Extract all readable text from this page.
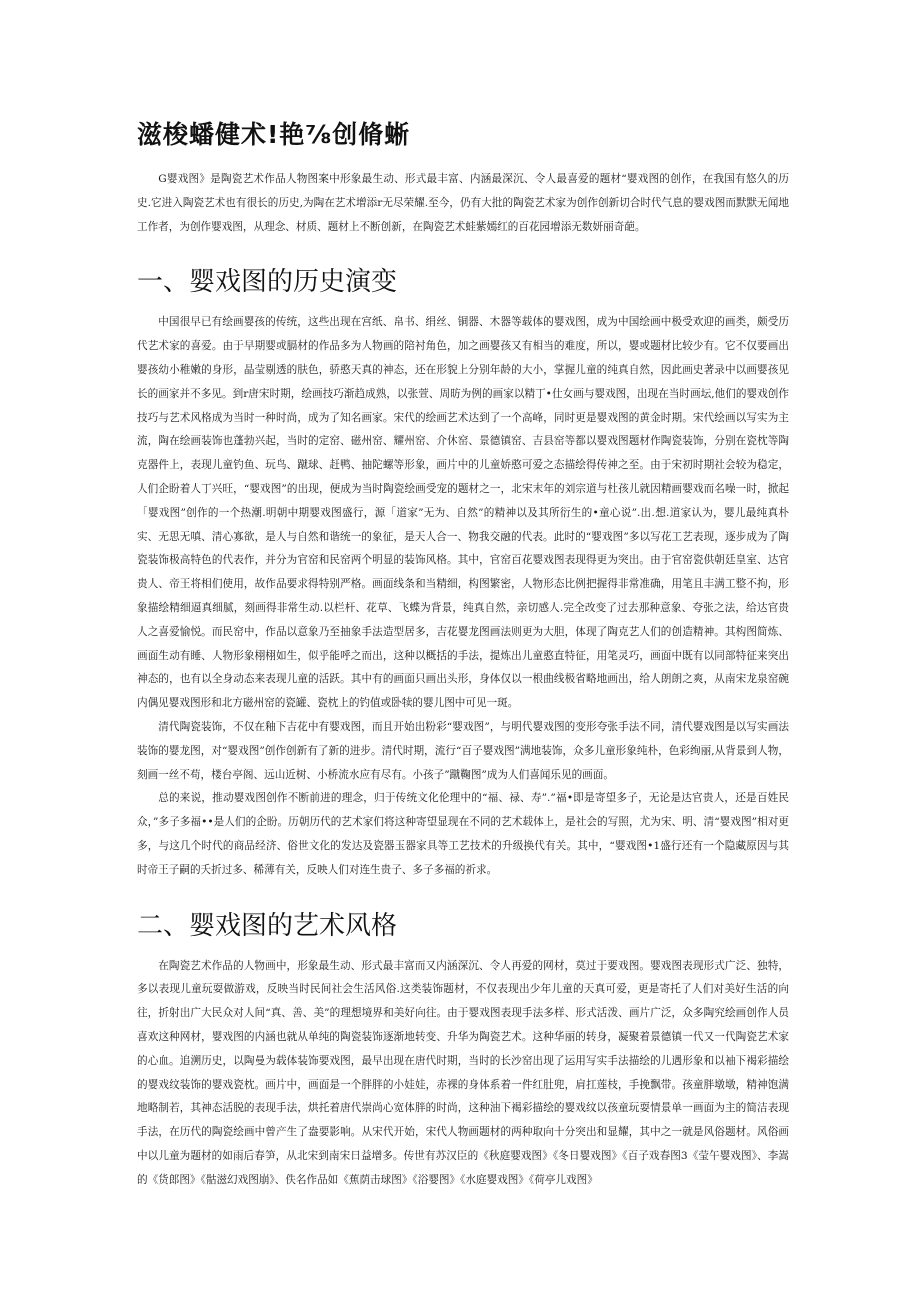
滋梭蟠健术!艳⅞创脩蜥

G婴戏图》是陶瓷艺术作品人物图案中形象最生动、形式最丰富、内涵最深沉、令人最喜爱的题材“婴戏图的创作，在我国有悠久的历史.它进入陶瓷艺术也有很长的历史,为陶在艺术增添r无尽荣耀.至今，仍有大批的陶瓷艺术家为创作创新切合时代气息的婴戏图而默默无闻地工作者，为创作婴戏图，从理念、材质、题材上不断创新，在陶瓷艺术蛙紫嫣红的百花园增添无数妍丽奇葩。

一、婴戏图的历史演变

中国很早已有绘画婴孩的传统，这些出现在宫纸、帛书、绢丝、铜器、木器等载体的婴戏图，成为中国绘画中极受欢迎的画类，颇受历代艺术家的喜爱。由于早期婴或膈材的作品多为人物画的陪衬角色，加之画婴孩又有相当的难度，所以，婴或题材比较少有。它不仅要画出婴孩幼小稚嫩的身形，晶莹剔透的肤色，骄憨天真的神态，还在形貌上分别年龄的大小，掌握儿童的纯真自然，因此画史著录中以画婴孩见长的画家并不多见。到r唐宋时期，绘画技巧渐趋成熟，以张萱、周昉为例的画家以精丁•仕女画与婴戏图，出现在当时画坛,他们的婴戏创作技巧与艺术风格成为当时一种时尚，成为了知名画家。宋代的绘画艺术达到了一个高峰，同时更是婴戏图的黄金时期。宋代绘画以写实为主流，陶在绘画装饰也蓬勃兴起，当时的定窑、磁州窑、耀州窑、介休窑、景德镇窑、吉县窑等都以婴戏图题材作陶瓷装饰，分别在瓷枕等陶克器件上，表现儿童钓鱼、玩鸟、蹴球、赶鸭、抽陀螺等形象，画片中的儿童娇憨可爱之态描绘得传神之至。由于宋初时期社会较为稳定，人们企盼着人丁兴旺，“婴戏图”的出现，便成为当时陶瓷绘画受宠的题材之一，北宋末年的刘宗道与杜孩儿就因精画婴戏而名噪一时，掀起「婴戏图”创作的一个热潮.明朝中期婴戏图盛行，源「道家”无为、自然”的精神以及其所衍生的•童心说”.出.想.道家认为，婴儿最纯真朴实、无思无嗔、清心寡欲，是人与自然和谐统一的象征，是天人合一、物我交融的代表。此时的“婴戏图”多以写花工艺表现，逐步成为了陶瓷装饰极高特色的代表作，并分为官窑和民窑两个明显的装饰风格。其中，官窑百花婴戏图表现得更为突出。由于官窑瓷供朝廷皇室、达官贵人、帝王将相们使用，故作品要求得特别严格。画面线条和当精细，构图繁密，人物形态比例把握得非常准确，用笔且丰满工整不拘，形象描绘精细逼真细腻，刻画得非常生动.以栏杆、花草、飞蝶为背景，纯真自然，亲切感人.完全改变了过去那种意象、夸张之法，给达官贵人之喜爱愉悦。而民窑中，作品以意象乃至抽象手法造型居多，吉花婴龙图画法则更为大胆，体现了陶克艺人们的创造精神。其构图简炼、画面生动有睡、人物形象栩栩如生，似乎能呼之而出，这种以概括的手法，提炼出儿童憨直特征，用笔灵巧，画面中既有以同部特征来突出神态的，也有以全身动态来表现儿童的活跃。其中有的画面只画出头形，身体仅以一根曲线极省略地画出，给人朗朗之爽，从南宋龙泉窑碗内偶见婴戏图形和北方磁州窑的瓷罐、瓷枕上的钓值或卧犊的婴儿图中可见一斑。

清代陶瓷装饰，不仅在釉下吉花中有婴戏图，而且开始出粉彩“婴戏图”，与明代婴戏图的变形夸张手法不同，清代婴戏图是以写实画法装饰的婴龙图，对“婴戏图”创作创新有了新的进步。清代时期，流行“百子婴戏图”满地装饰，众多儿童形象纯朴，色彩绚丽,从背景到人物，刻画一丝不苟，楼台亭阁、远山近树、小桥流水应有尽有。小孩子”蹴鞠图”成为人们喜闻乐见的画面。

总的来说，推动婴戏图创作不断前进的理念，归于传统文化伦理中的“福、禄、寿”.”福•即是寄望多子，无论是达官贵人，还是百姓民众，”多子多福••是人们的企盼。历朝历代的艺术家们将这种寄望显现在不同的艺术载体上，是社会的写照，尤为宋、明、清“婴戏图”相对更多，与这几个时代的商品经济、俗世文化的发达及瓷器玉器家具等工艺技术的升级换代有关。其中，“婴戏图•1盛行还有一个隐藏原因与其时帝王子嗣的夭折过多、稀薄有关，反映人们对连生贵子、多子多福的祈求。

二、婴戏图的艺术风格

在陶瓷艺术作品的人物画中，形象最生动、形式最丰富而又内涵深沉、令人再爱的网材，莫过于要戏图。婴戏图表现形式广泛、独特，多以表现儿童玩耍做游戏，反映当时民间社会生活风俗.这类装饰题材，不仅表现出少年儿童的天真可爱，更是寄托了人们对美好生活的向往，折射出广大民众对人间“真、善、美”的理想境界和美好向往。由于婴戏图表现手法多样、形式活泼、画片广泛，众多陶究绘画创作人员喜欢这种网材，婴戏图的内涵也就从单纯的陶瓷装饰逐渐地转变、升华为陶瓷艺术。这种华丽的转身，凝聚着景德镇一代又一代陶瓷艺术家的心血。追溯历史，以陶曼为载体装饰要戏图，最早出现在唐代时期，当时的长沙窑出现了运用写实手法描绘的儿遇形象和以袖下褐彩描绘的婴戏纹装饰的婴戏瓷枕。画片中，画面是一个胖胖的小娃娃，赤裸的身体系着一件红肚兜，肩扛莲枝，手挽飘带。孩童胖墩墩，精神饱满地略制若，其神态活脱的表现手法，烘托着唐代崇尚心宽体胖的时尚，这种油下褐彩描绘的婴戏纹以孩童玩耍情景单一画面为主的简洁表现手法，在历代的陶瓷绘画中曾产生了盎要影响。从宋代开始，宋代人物画题材的两种取向十分突出和显耀，其中之一就是风俗题材。风俗画中以儿童为题材的如雨后春笋，从北宋到南宋日益增多。传世有苏汉臣的《秋庭婴戏图》《冬日婴戏图》《百子戏春图3《莹午婴戏图》、李嵩的《货郎图》《骷滋幻戏图崩》、佚名作品如《蕉荫击球图》《浴婴图》《水庭婴戏图》《荷亭儿戏图》
